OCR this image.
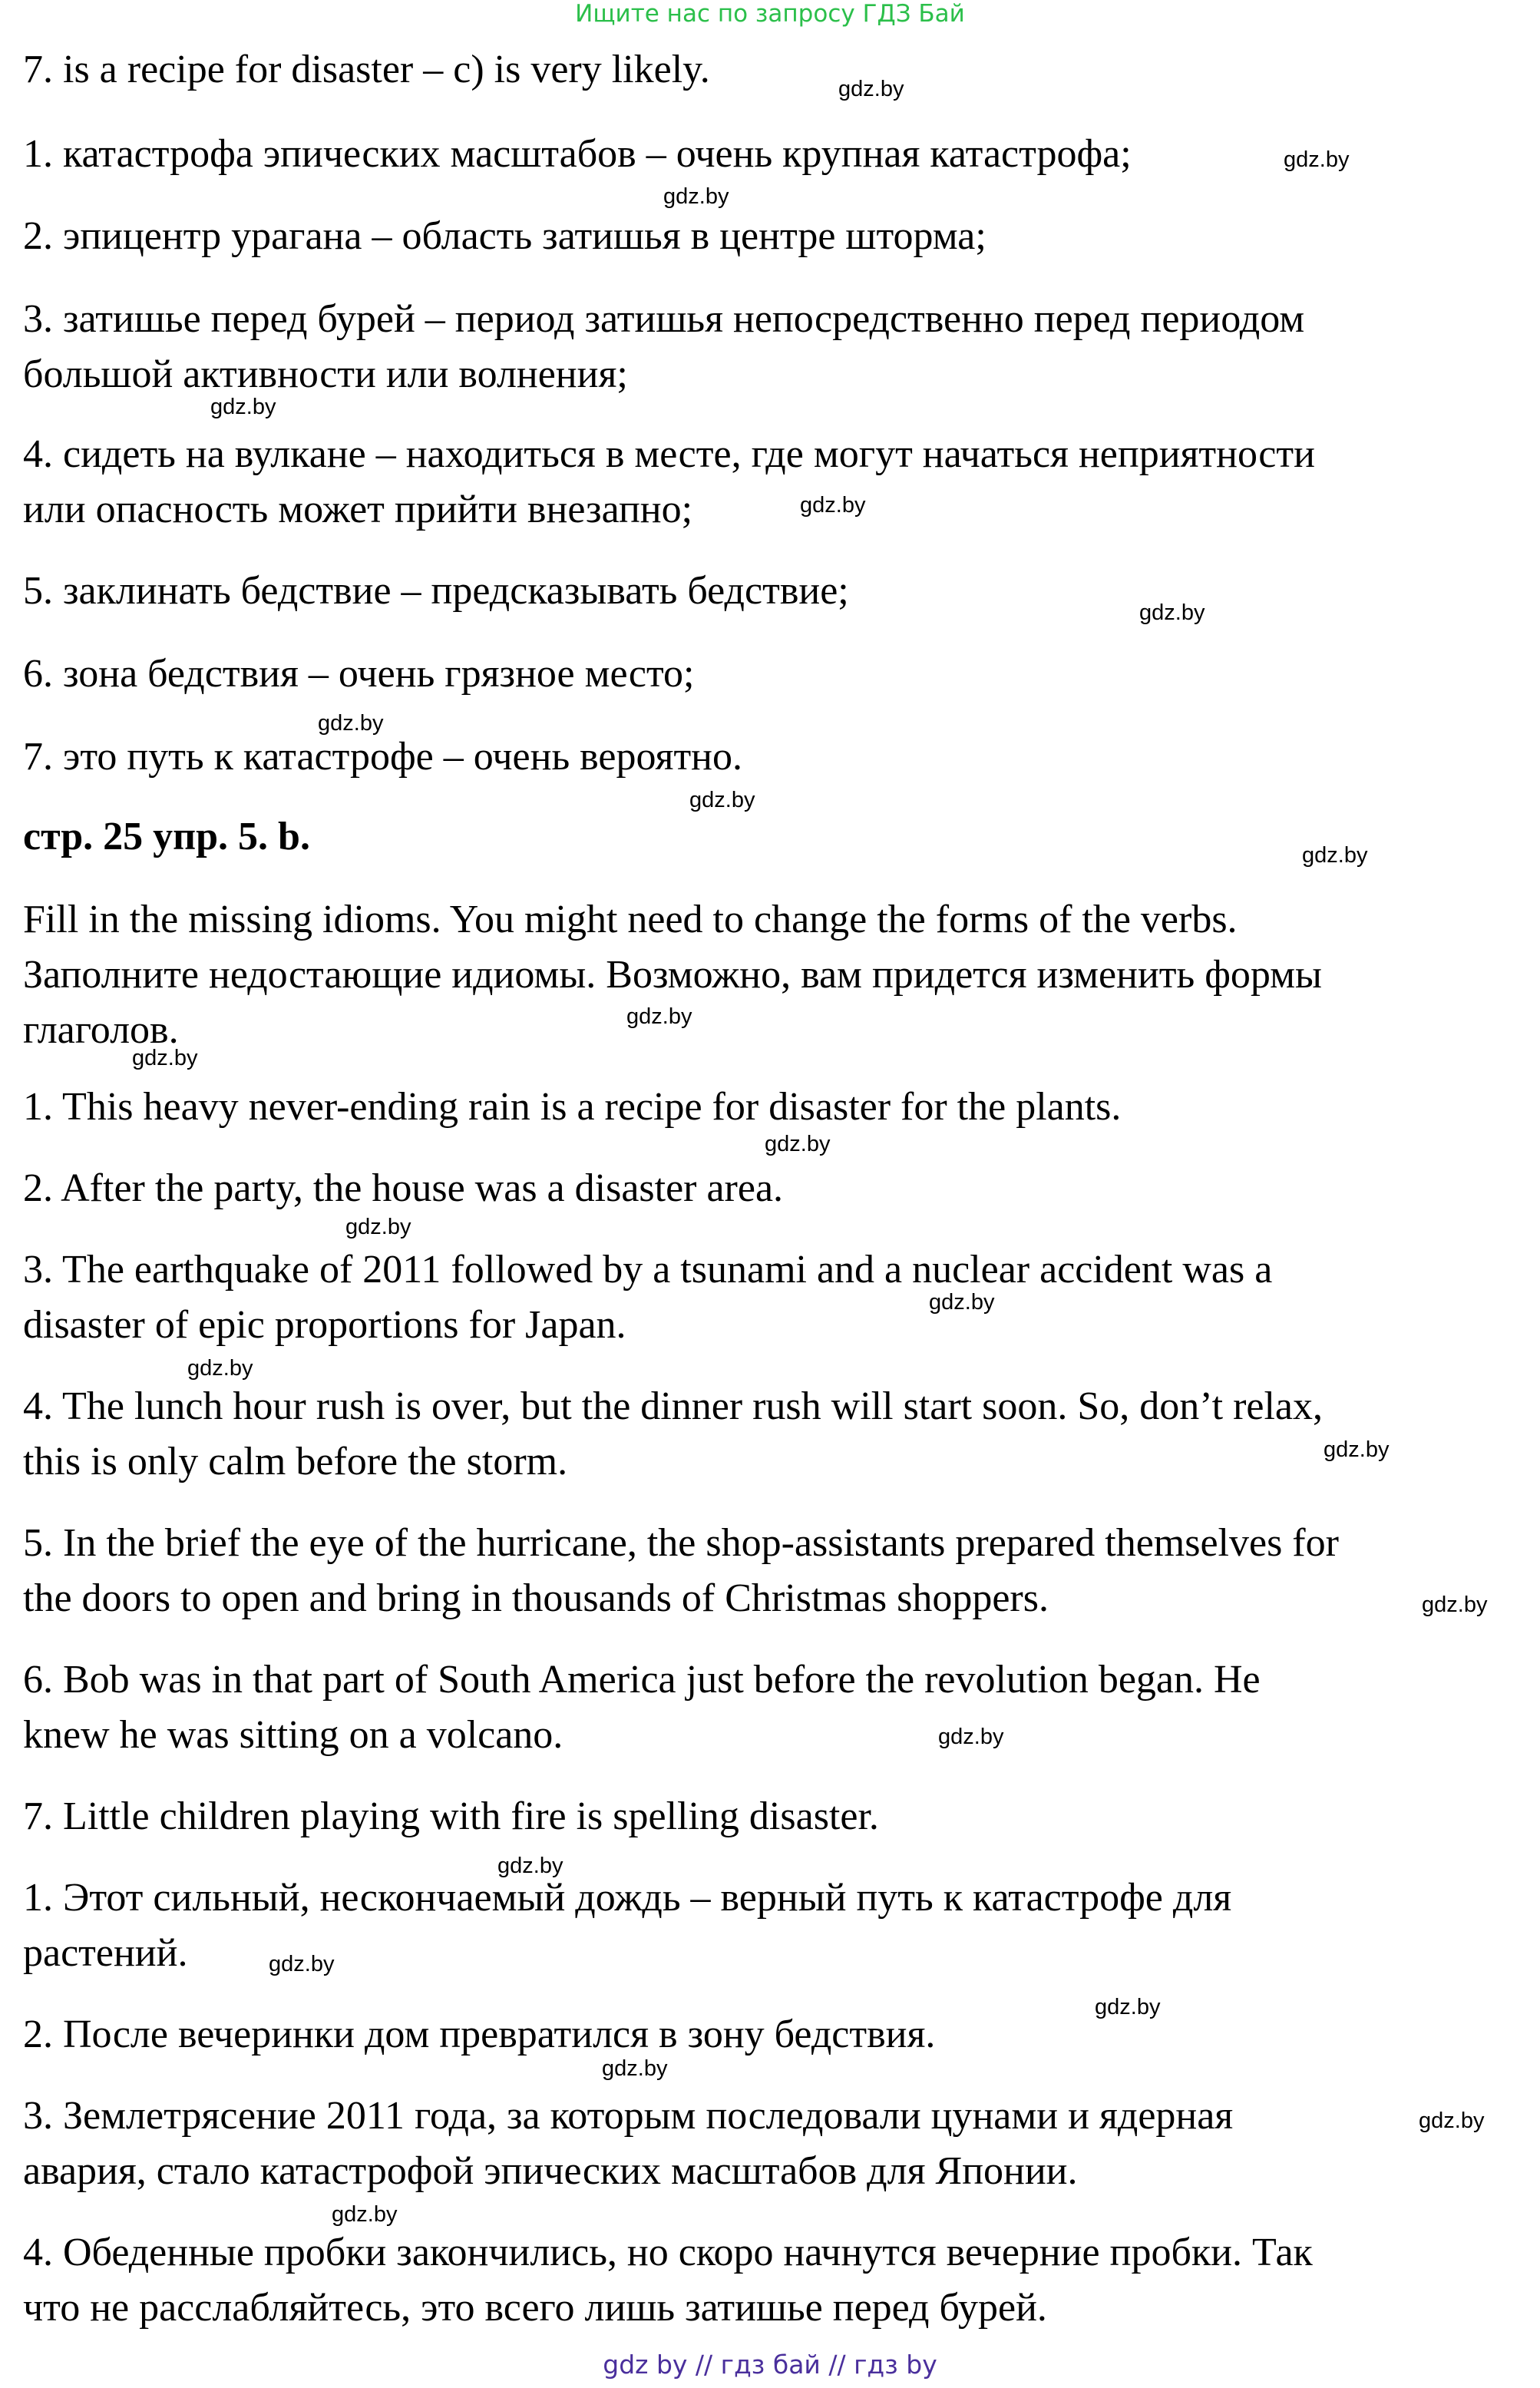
Ищите нас по запросу ГДЗ Бай
7. is a recipe for disaster – c) is very likely.
1. катастрофа эпических масштабов – очень крупная катастрофа;
2. эпицентр урагана – область затишья в центре шторма;
3. затишье перед бурей – период затишья непосредственно перед периодом
большой активности или волнения;
4. сидеть на вулкане – находиться в месте, где могут начаться неприятности
или опасность может прийти внезапно;
5. заклинать бедствие – предсказывать бедствие;
6. зона бедствия – очень грязное место;
7. это путь к катастрофе – очень вероятно.
стр. 25 упр. 5. b.
Fill in the missing idioms. You might need to change the forms of the verbs.
Заполните недостающие идиомы. Возможно, вам придется изменить формы
глаголов.
1. This heavy never-ending rain is a recipe for disaster for the plants.
2. After the party, the house was a disaster area.
3. The earthquake of 2011 followed by a tsunami and a nuclear accident was a
disaster of epic proportions for Japan.
4. The lunch hour rush is over, but the dinner rush will start soon. So, don’t relax,
this is only calm before the storm.
5. In the brief the eye of the hurricane, the shop-assistants prepared themselves for
the doors to open and bring in thousands of Christmas shoppers.
6. Bob was in that part of South America just before the revolution began. He
knew he was sitting on a volcano.
7. Little children playing with fire is spelling disaster.
1. Этот сильный, нескончаемый дождь – верный путь к катастрофе для
растений.
2. После вечеринки дом превратился в зону бедствия.
3. Землетрясение 2011 года, за которым последовали цунами и ядерная
авария, стало катастрофой эпических масштабов для Японии.
4. Обеденные пробки закончились, но скоро начнутся вечерние пробки. Так
что не расслабляйтесь, это всего лишь затишье перед бурей.
gdz.by
gdz.by
gdz.by
gdz.by
gdz.by
gdz.by
gdz.by
gdz.by
gdz.by
gdz.by
gdz.by
gdz.by
gdz.by
gdz.by
gdz.by
gdz.by
gdz.by
gdz.by
gdz.by
gdz.by
gdz.by
gdz.by
gdz.by
gdz.by
gdz by // гдз бай // гдз by
